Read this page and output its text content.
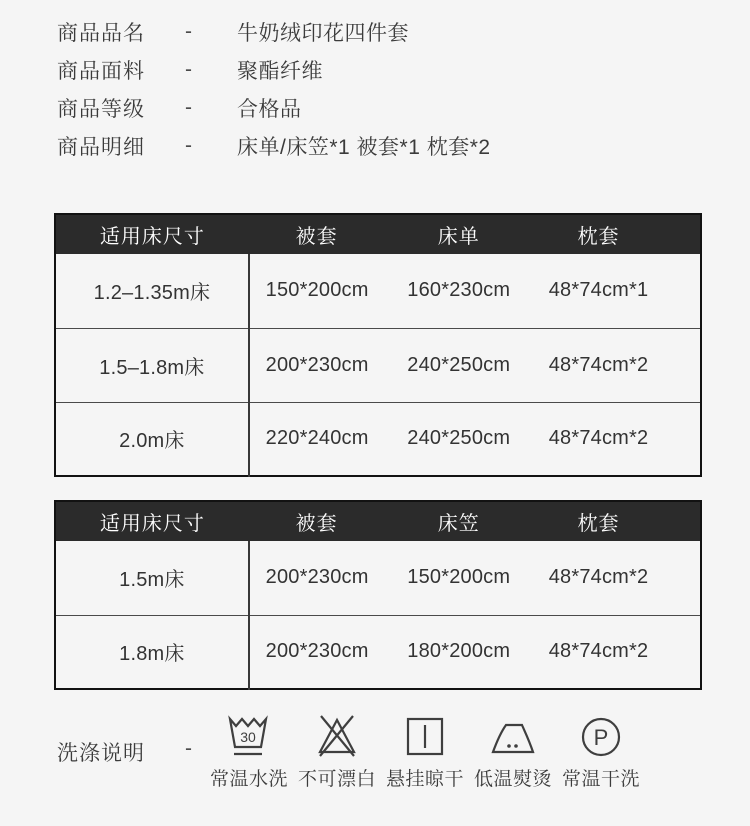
商品品名	-	牛奶绒印花四件套
商品面料	-	聚酯纤维
商品等级	-	合格品
商品明细	-	床单/床笠*1 被套*1 枕套*2
适用床尺寸	被套	床单	枕套
1.2–1.35m床	150*200cm	160*230cm	48*74cm*1
1.5–1.8m床	200*230cm	240*250cm	48*74cm*2
2.0m床	220*240cm	240*250cm	48*74cm*2
适用床尺寸	被套	床笠	枕套
1.5m床	200*230cm	150*200cm	48*74cm*2
1.8m床	200*230cm	180*200cm	48*74cm*2
洗涤说明 -	30
常温水洗 不可漂白 悬挂晾干 低温熨烫
P
常温干洗
